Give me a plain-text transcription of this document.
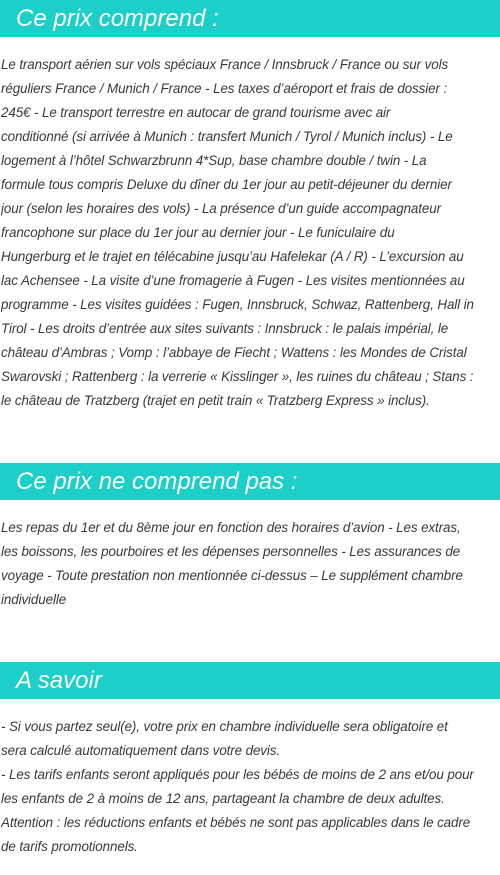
Ce prix comprend :

Le transport aérien sur vols spéciaux France / Innsbruck / France ou sur vols
réguliers France / Munich / France - Les taxes d’aéroport et frais de dossier :
245€ - Le transport terrestre en autocar de grand tourisme avec air
conditionné (si arrivée à Munich : transfert Munich / Tyrol / Munich inclus) - Le
logement à l’hôtel Schwarzbrunn 4*Sup, base chambre double / twin - La
formule tous compris Deluxe du dîner du 1er jour au petit-déjeuner du dernier
jour (selon les horaires des vols) - La présence d’un guide accompagnateur
francophone sur place du 1er jour au dernier jour - Le funiculaire du
Hungerburg et le trajet en télécabine jusqu’au Hafelekar (A / R) - L’excursion au
lac Achensee - La visite d’une fromagerie à Fugen - Les visites mentionnées au
programme - Les visites guidées : Fugen, Innsbruck, Schwaz, Rattenberg, Hall in
Tirol - Les droits d’entrée aux sites suivants : Innsbruck : le palais impérial, le
château d’Ambras ; Vomp : l’abbaye de Fiecht ; Wattens : les Mondes de Cristal
Swarovski ; Rattenberg : la verrerie « Kisslinger », les ruines du château ; Stans :
le château de Tratzberg (trajet en petit train « Tratzberg Express » inclus).

Ce prix ne comprend pas :

Les repas du 1er et du 8ème jour en fonction des horaires d’avion - Les extras,
les boissons, les pourboires et les dépenses personnelles - Les assurances de
voyage - Toute prestation non mentionnée ci-dessus – Le supplément chambre
individuelle

A savoir

- Si vous partez seul(e), votre prix en chambre individuelle sera obligatoire et
sera calculé automatiquement dans votre devis.
- Les tarifs enfants seront appliqués pour les bébés de moins de 2 ans et/ou pour
les enfants de 2 à moins de 12 ans, partageant la chambre de deux adultes.
Attention : les réductions enfants et bébés ne sont pas applicables dans le cadre
de tarifs promotionnels.
